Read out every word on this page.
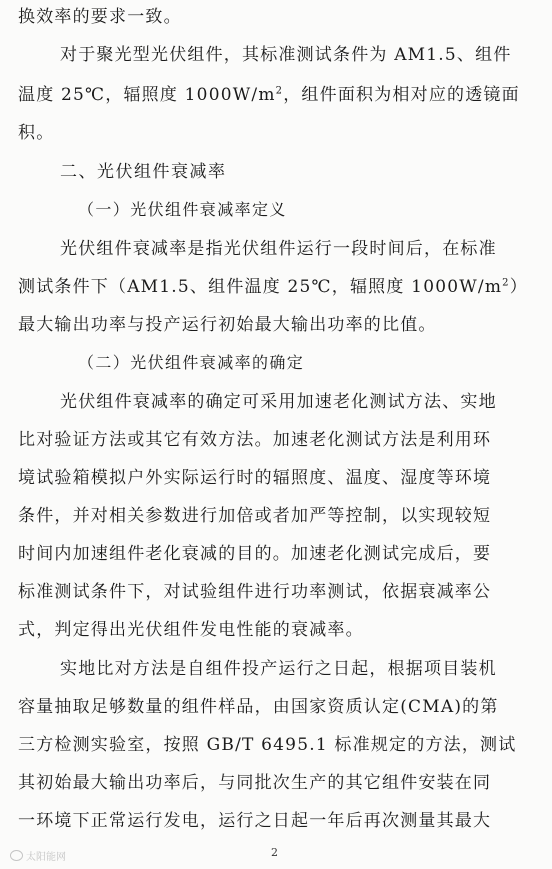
换效率的要求一致。
对于聚光型光伏组件，其标准测试条件为 AM1.5、组件
温度 25℃，辐照度 $1000W/m^2$，组件面积为相对应的透镜面
积。
二、光伏组件衰减率
（一）光伏组件衰减率定义
光伏组件衰减率是指光伏组件运行一段时间后，在标准
测试条件下（AM1.5、组件温度 25℃，辐照度 $1000W/m^2$）
最大输出功率与投产运行初始最大输出功率的比值。
（二）光伏组件衰减率的确定
光伏组件衰减率的确定可采用加速老化测试方法、实地
比对验证方法或其它有效方法。加速老化测试方法是利用环
境试验箱模拟户外实际运行时的辐照度、温度、湿度等环境
条件，并对相关参数进行加倍或者加严等控制，以实现较短
时间内加速组件老化衰减的目的。加速老化测试完成后，要
标准测试条件下，对试验组件进行功率测试，依据衰减率公
式，判定得出光伏组件发电性能的衰减率。
实地比对方法是自组件投产运行之日起，根据项目装机
容量抽取足够数量的组件样品，由国家资质认定(CMA)的第
三方检测实验室，按照 GB/T 6495.1 标准规定的方法，测试
其初始最大输出功率后，与同批次生产的其它组件安装在同
一环境下正常运行发电，运行之日起一年后再次测量其最大
2
太阳能网
